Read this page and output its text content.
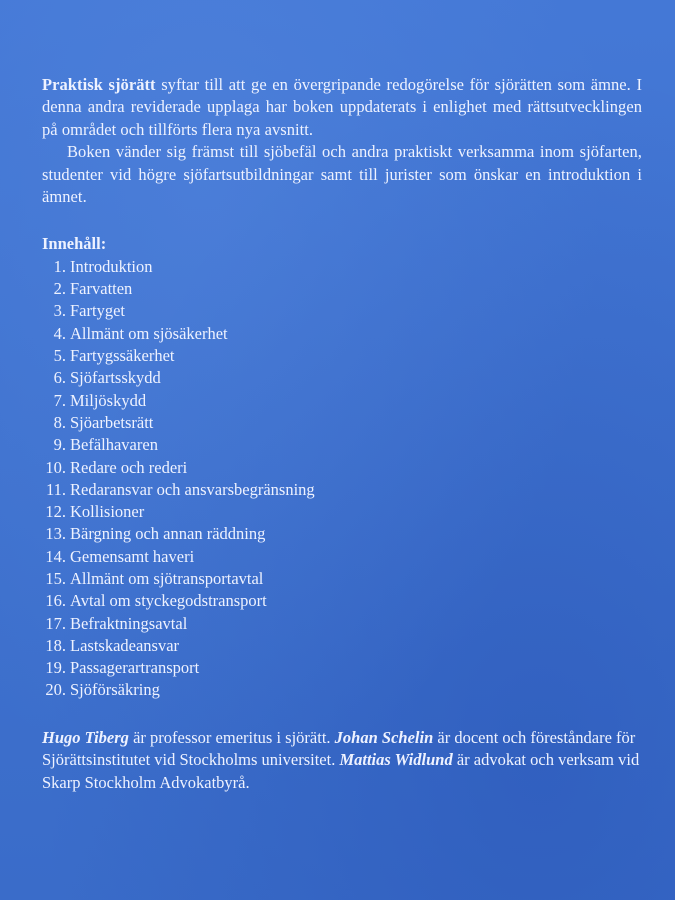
Praktisk sjörätt syftar till att ge en övergripande redogörelse för sjörätten som ämne. I denna andra reviderade upplaga har boken uppdaterats i enlighet med rättsutvecklingen på området och tillförts flera nya avsnitt.

Boken vänder sig främst till sjöbefäl och andra praktiskt verksamma inom sjöfarten, studenter vid högre sjöfartsutbildningar samt till jurister som önskar en introduktion i ämnet.

Innehåll:
1. Introduktion
2. Farvatten
3. Fartyget
4. Allmänt om sjösäkerhet
5. Fartygssäkerhet
6. Sjöfartsskydd
7. Miljöskydd
8. Sjöarbetsrätt
9. Befälhavaren
10. Redare och rederi
11. Redaransvar och ansvarsbegränsning
12. Kollisioner
13. Bärgning och annan räddning
14. Gemensamt haveri
15. Allmänt om sjötransportavtal
16. Avtal om styckegodstransport
17. Befraktningsavtal
18. Lastskadeansvar
19. Passagerartransport
20. Sjöförsäkring

Hugo Tiberg är professor emeritus i sjörätt. Johan Schelin är docent och föreståndare för Sjörättsinstitutet vid Stockholms universitet. Mattias Widlund är advokat och verksam vid Skarp Stockholm Advokatbyrå.
